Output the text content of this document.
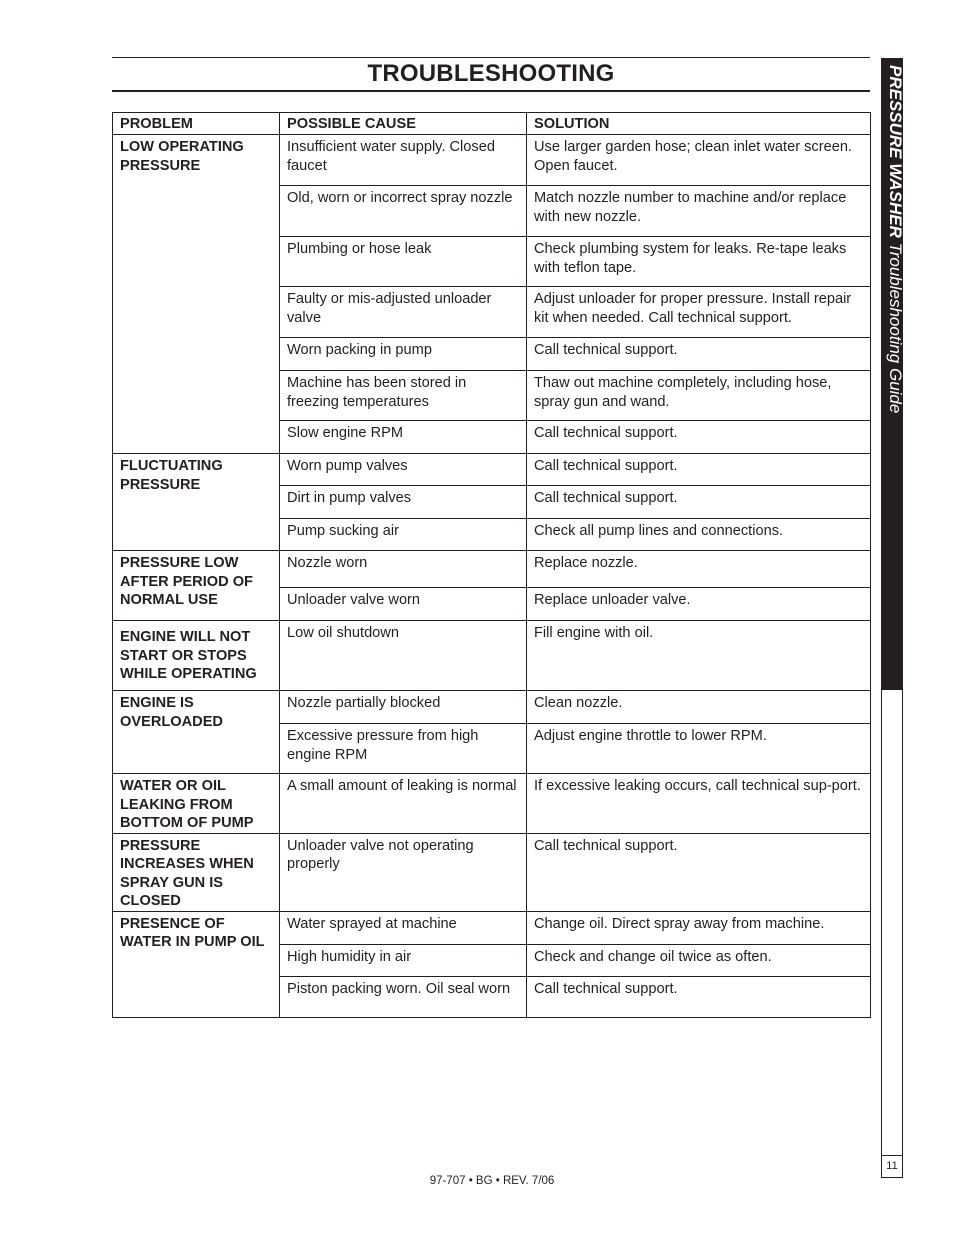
TROUBLESHOOTING
PROBLEM	POSSIBLE CAUSE	SOLUTION
LOW OPERATING PRESSURE	Insufficient water supply. Closed faucet	Use larger garden hose; clean inlet water screen. Open faucet.
	Old, worn or incorrect spray nozzle	Match nozzle number to machine and/or replace with new nozzle.
	Plumbing or hose leak	Check plumbing system for leaks. Re-tape leaks with teflon tape.
	Faulty or mis-adjusted unloader valve	Adjust unloader for proper pressure. Install repair kit when needed. Call technical support.
	Worn packing in pump	Call technical support.
	Machine has been stored in freezing temperatures	Thaw out machine completely, including hose, spray gun and wand.
	Slow engine RPM	Call technical support.
FLUCTUATING PRESSURE	Worn pump valves	Call technical support.
	Dirt in pump valves	Call technical support.
	Pump sucking air	Check all pump lines and connections.
PRESSURE LOW AFTER PERIOD OF NORMAL USE	Nozzle worn	Replace nozzle.
	Unloader valve worn	Replace unloader valve.
ENGINE WILL NOT START OR STOPS WHILE OPERATING	Low oil shutdown	Fill engine with oil.
ENGINE IS OVERLOADED	Nozzle partially blocked	Clean nozzle.
	Excessive pressure from high engine RPM	Adjust engine throttle to lower RPM.
WATER OR OIL LEAKING FROM BOTTOM OF PUMP	A small amount of leaking is normal	If excessive leaking occurs, call technical sup-port.
PRESSURE INCREASES WHEN SPRAY GUN IS CLOSED	Unloader valve not operating properly	Call technical support.
PRESENCE OF WATER IN PUMP OIL	Water sprayed at machine	Change oil. Direct spray away from machine.
	High humidity in air	Check and change oil twice as often.
	Piston packing worn. Oil seal worn	Call technical support.
PRESSURE WASHER Troubleshooting Guide
11
97-707 • BG • REV. 7/06
